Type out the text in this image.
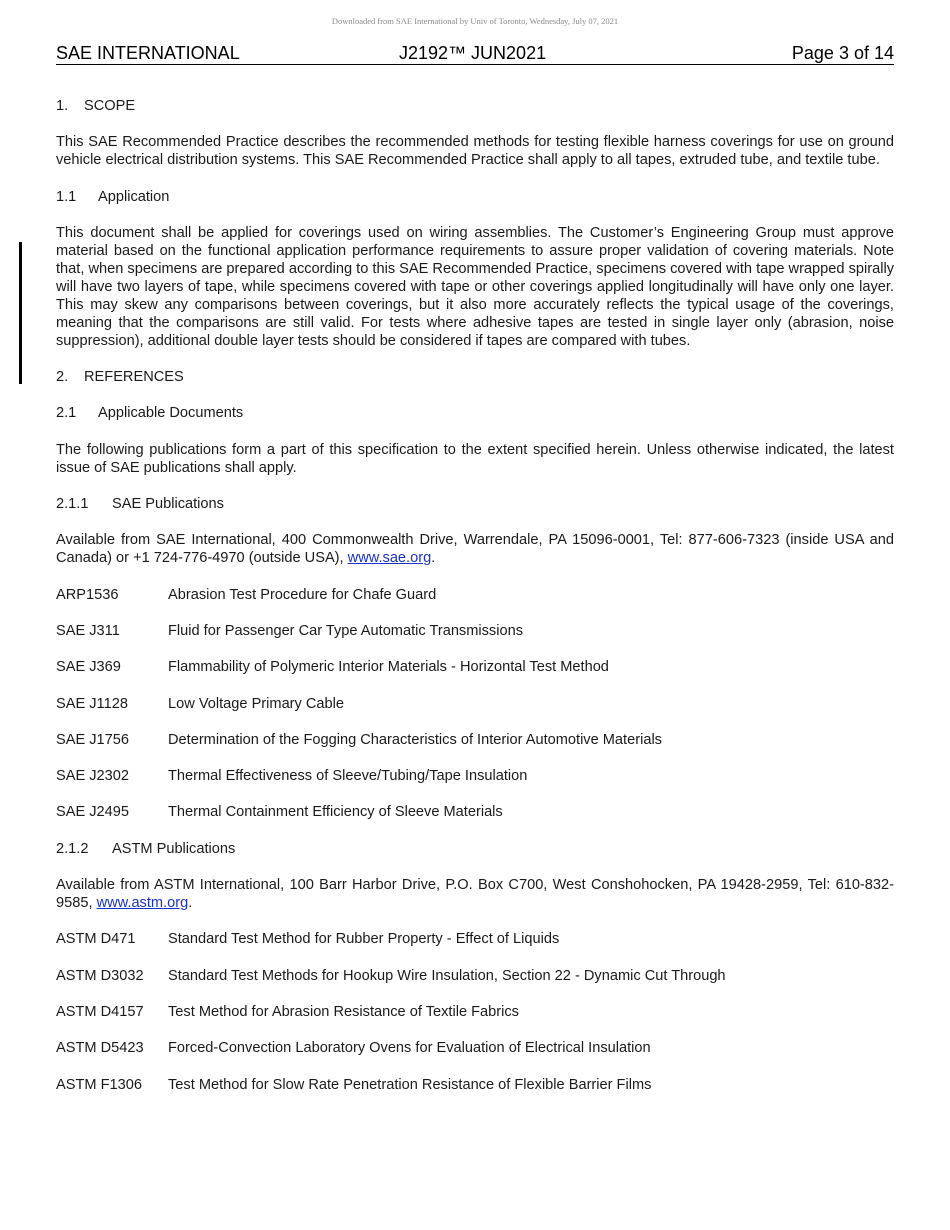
Downloaded from SAE International by Univ of Toronto, Wednesday, July 07, 2021
SAE INTERNATIONAL	J2192™ JUN2021	Page 3 of 14
1. SCOPE

This SAE Recommended Practice describes the recommended methods for testing flexible harness coverings for use on ground vehicle electrical distribution systems. This SAE Recommended Practice shall apply to all tapes, extruded tube, and textile tube.

1.1 Application

This document shall be applied for coverings used on wiring assemblies. The Customer’s Engineering Group must approve material based on the functional application performance requirements to assure proper validation of covering materials. Note that, when specimens are prepared according to this SAE Recommended Practice, specimens covered with tape wrapped spirally will have two layers of tape, while specimens covered with tape or other coverings applied longitudinally will have only one layer. This may skew any comparisons between coverings, but it also more accurately reflects the typical usage of the coverings, meaning that the comparisons are still valid. For tests where adhesive tapes are tested in single layer only (abrasion, noise suppression), additional double layer tests should be considered if tapes are compared with tubes.

2. REFERENCES
2.1 Applicable Documents

The following publications form a part of this specification to the extent specified herein. Unless otherwise indicated, the latest issue of SAE publications shall apply.

2.1.1 SAE Publications

Available from SAE International, 400 Commonwealth Drive, Warrendale, PA 15096-0001, Tel: 877-606-7323 (inside USA and Canada) or +1 724-776-4970 (outside USA), www.sae.org.

ARP1536	Abrasion Test Procedure for Chafe Guard
SAE J311	Fluid for Passenger Car Type Automatic Transmissions
SAE J369	Flammability of Polymeric Interior Materials - Horizontal Test Method
SAE J1128	Low Voltage Primary Cable
SAE J1756	Determination of the Fogging Characteristics of Interior Automotive Materials
SAE J2302	Thermal Effectiveness of Sleeve/Tubing/Tape Insulation
SAE J2495	Thermal Containment Efficiency of Sleeve Materials
2.1.2 ASTM Publications

Available from ASTM International, 100 Barr Harbor Drive, P.O. Box C700, West Conshohocken, PA 19428-2959, Tel: 610-832-9585, www.astm.org.

ASTM D471 Standard Test Method for Rubber Property - Effect of Liquids
ASTM D3032 Standard Test Methods for Hookup Wire Insulation, Section 22 - Dynamic Cut Through
ASTM D4157 Test Method for Abrasion Resistance of Textile Fabrics
ASTM D5423 Forced-Convection Laboratory Ovens for Evaluation of Electrical Insulation
ASTM F1306 Test Method for Slow Rate Penetration Resistance of Flexible Barrier Films
